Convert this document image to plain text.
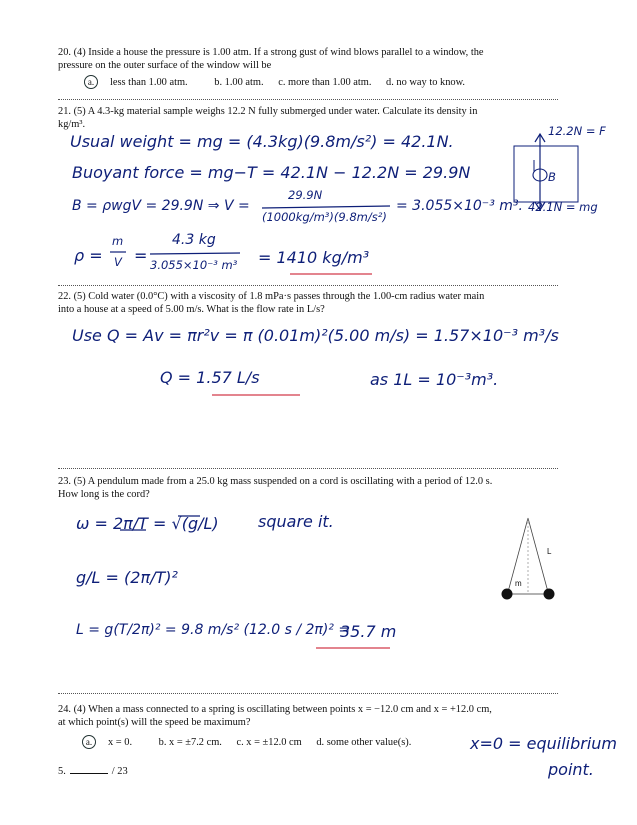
20. (4) Inside a house the pressure is 1.00 atm. If a strong gust of wind blows parallel to a window, the
pressure on the outer surface of the window will be
a. less than 1.00 atm.	b. 1.00 atm. c. more than 1.00 atm. d. no way to know.
21. (5) A 4.3-kg material sample weighs 12.2 N fully submerged under water. Calculate its density in
kg/m³.
Usual weight = mg = (4.3kg)(9.8m/s²) = 42.1N.
Buoyant force = mg−T = 42.1N − 12.2N = 29.9N
B = ρwgV = 29.9N ⇒ V =
29.9N
(1000kg/m³)(9.8m/s²)
= 3.055×10⁻³ m³.
ρ =
m
V =
4.3 kg
3.055×10⁻³ m³ = 1410 kg/m³
12.2N = F
B
42.1N = mg
22. (5) Cold water (0.0°C) with a viscosity of 1.8 mPa·s passes through the 1.00-cm radius water main
into a house at a speed of 5.00 m/s. What is the flow rate in L/s?
Use Q = Av = πr²v = π (0.01m)²(5.00 m/s) = 1.57×10⁻³ m³/s
Q = 1.57 L/s	as 1L = 10⁻³m³.
23. (5) A pendulum made from a 25.0 kg mass suspended on a cord is oscillating with a period of 12.0 s.
How long is the cord?
ω = 2π/T = √(g/L) square it.
g/L = (2π/T)²
L = g(T/2π)² = 9.8 m/s² (12.0 s / 2π)² =
35.7 m
L
m
24. (4) When a mass connected to a spring is oscillating between points x = −12.0 cm and x = +12.0 cm,
at which point(s) will the speed be maximum?
a. x = 0.	b. x = ±7.2 cm. c. x = ±12.0 cm d. some other value(s).	x=0 = equilibrium
point.
5.	/ 23
